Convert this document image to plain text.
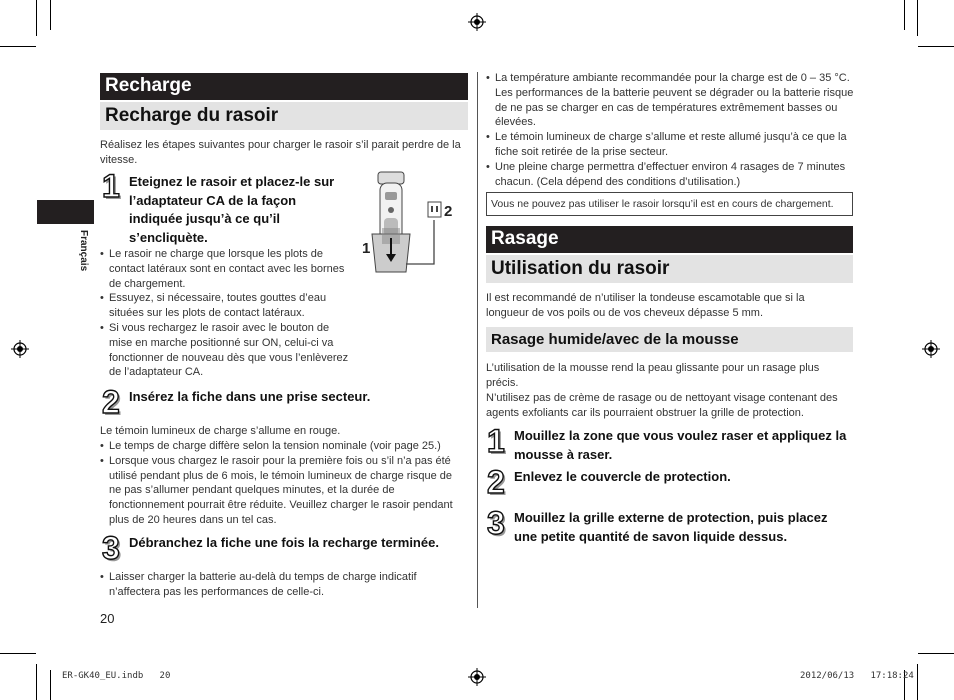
Français
Recharge
Recharge du rasoir
Réalisez les étapes suivantes pour charger le rasoir s’il parait perdre de la vitesse.
1 Eteignez le rasoir et placez-le sur l’adaptateur CA de la façon indiquée jusqu’à ce qu’il s’encliquète.
• Le rasoir ne charge que lorsque les plots de contact latéraux sont en contact avec les bornes de chargement.
• Essuyez, si nécessaire, toutes gouttes d’eau situées sur les plots de contact latéraux.
• Si vous rechargez le rasoir avec le bouton de mise en marche positionné sur ON, celui-ci va fonctionner de nouveau dès que vous l’enlèverez de l’adaptateur CA.
1
2
2 Insérez la fiche dans une prise secteur.
Le témoin lumineux de charge s’allume en rouge.
• Le temps de charge diffère selon la tension nominale (voir page 25.)
• Lorsque vous chargez le rasoir pour la première fois ou s’il n’a pas été utilisé pendant plus de 6 mois, le témoin lumineux de charge risque de ne pas s’allumer pendant quelques minutes, et la durée de fonctionnement pourrait être réduite. Veuillez charger le rasoir pendant plus de 20 heures dans un tel cas.
3 Débranchez la fiche une fois la recharge terminée.
• Laisser charger la batterie au-delà du temps de charge indicatif n’affectera pas les performances de celle-ci.
20
• La température ambiante recommandée pour la charge est de 0 – 35 °C. Les performances de la batterie peuvent se dégrader ou la batterie risque de ne pas se charger en cas de températures extrêmement basses ou élevées.
• Le témoin lumineux de charge s’allume et reste allumé jusqu’à ce que la fiche soit retirée de la prise secteur.
• Une pleine charge permettra d’effectuer environ 4 rasages de 7 minutes chacun. (Cela dépend des conditions d’utilisation.)
Vous ne pouvez pas utiliser le rasoir lorsqu’il est en cours de chargement.
Rasage
Utilisation du rasoir
Il est recommandé de n’utiliser la tondeuse escamotable que si la longueur de vos poils ou de vos cheveux dépasse 5 mm.
Rasage humide/avec de la mousse
L’utilisation de la mousse rend la peau glissante pour un rasage plus précis.
N’utilisez pas de crème de rasage ou de nettoyant visage contenant des agents exfoliants car ils pourraient obstruer la grille de protection.
1 Mouillez la zone que vous voulez raser et appliquez la mousse à raser.
2 Enlevez le couvercle de protection.
3 Mouillez la grille externe de protection, puis placez une petite quantité de savon liquide dessus.
ER-GK40_EU.indb   20	2012/06/13   17:18:24
